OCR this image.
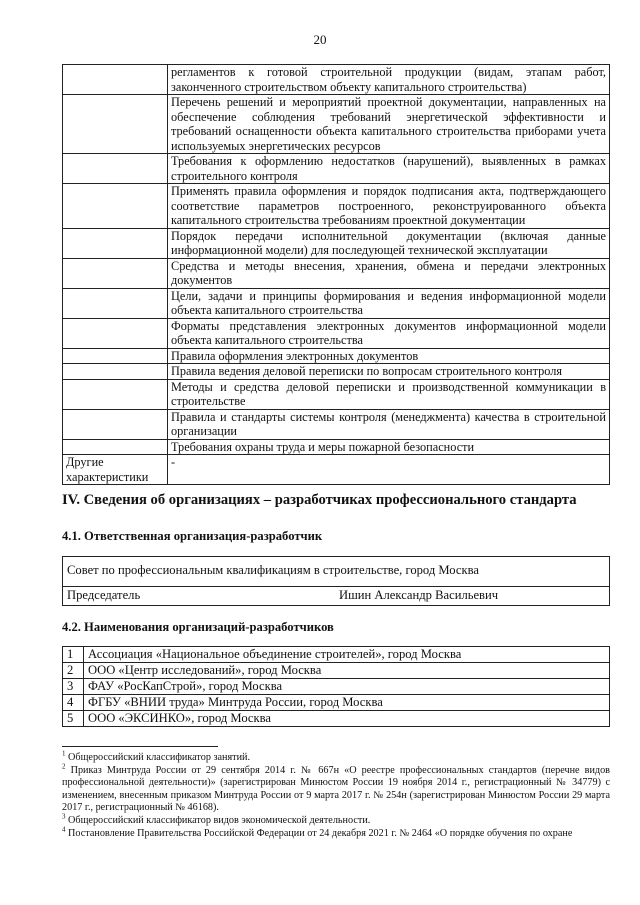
20
	регламентов к готовой строительной продукции (видам, этапам работ, законченного строительством объекту капитального строительства)
	Перечень решений и мероприятий проектной документации, направленных на обеспечение соблюдения требований энергетической эффективности и требований оснащенности объекта капитального строительства приборами учета используемых энергетических ресурсов
	Требования к оформлению недостатков (нарушений), выявленных в рамках строительного контроля
	Применять правила оформления и порядок подписания акта, подтверждающего соответствие параметров построенного, реконструированного объекта капитального строительства требованиям проектной документации
	Порядок передачи исполнительной документации (включая данные информационной модели) для последующей технической эксплуатации
	Средства и методы внесения, хранения, обмена и передачи электронных документов
	Цели, задачи и принципы формирования и ведения информационной модели объекта капитального строительства
	Форматы представления электронных документов информационной модели объекта капитального строительства
	Правила оформления электронных документов
	Правила ведения деловой переписки по вопросам строительного контроля
	Методы и средства деловой переписки и производственной коммуникации в строительстве
	Правила и стандарты системы контроля (менеджмента) качества в строительной организации
	Требования охраны труда и меры пожарной безопасности
Другие характеристики	-
IV. Сведения об организациях – разработчиках профессионального стандарта
4.1. Ответственная организация-разработчик
Совет по профессиональным квалификациям в строительстве, город Москва
Председатель	Ишин Александр Васильевич
4.2. Наименования организаций-разработчиков
1	Ассоциация «Национальное объединение строителей», город Москва
2	ООО «Центр исследований», город Москва
3	ФАУ «РосКапСтрой», город Москва
4	ФГБУ «ВНИИ труда» Минтруда России, город Москва
5	ООО «ЭКСИНКО», город Москва

$^1$ Общероссийский классификатор занятий.

$^2$ Приказ Минтруда России от 29 сентября 2014 г. № 667н «О реестре профессиональных стандартов (перечне видов профессиональной деятельности)» (зарегистрирован Минюстом России 19 ноября 2014 г., регистрационный № 34779) с изменением, внесенным приказом Минтруда России от 9 марта 2017 г. № 254н (зарегистрирован Минюстом России 29 марта 2017 г., регистрационный № 46168).

$^3$ Общероссийский классификатор видов экономической деятельности.

$^4$ Постановление Правительства Российской Федерации от 24 декабря 2021 г. № 2464 «О порядке обучения по охране
